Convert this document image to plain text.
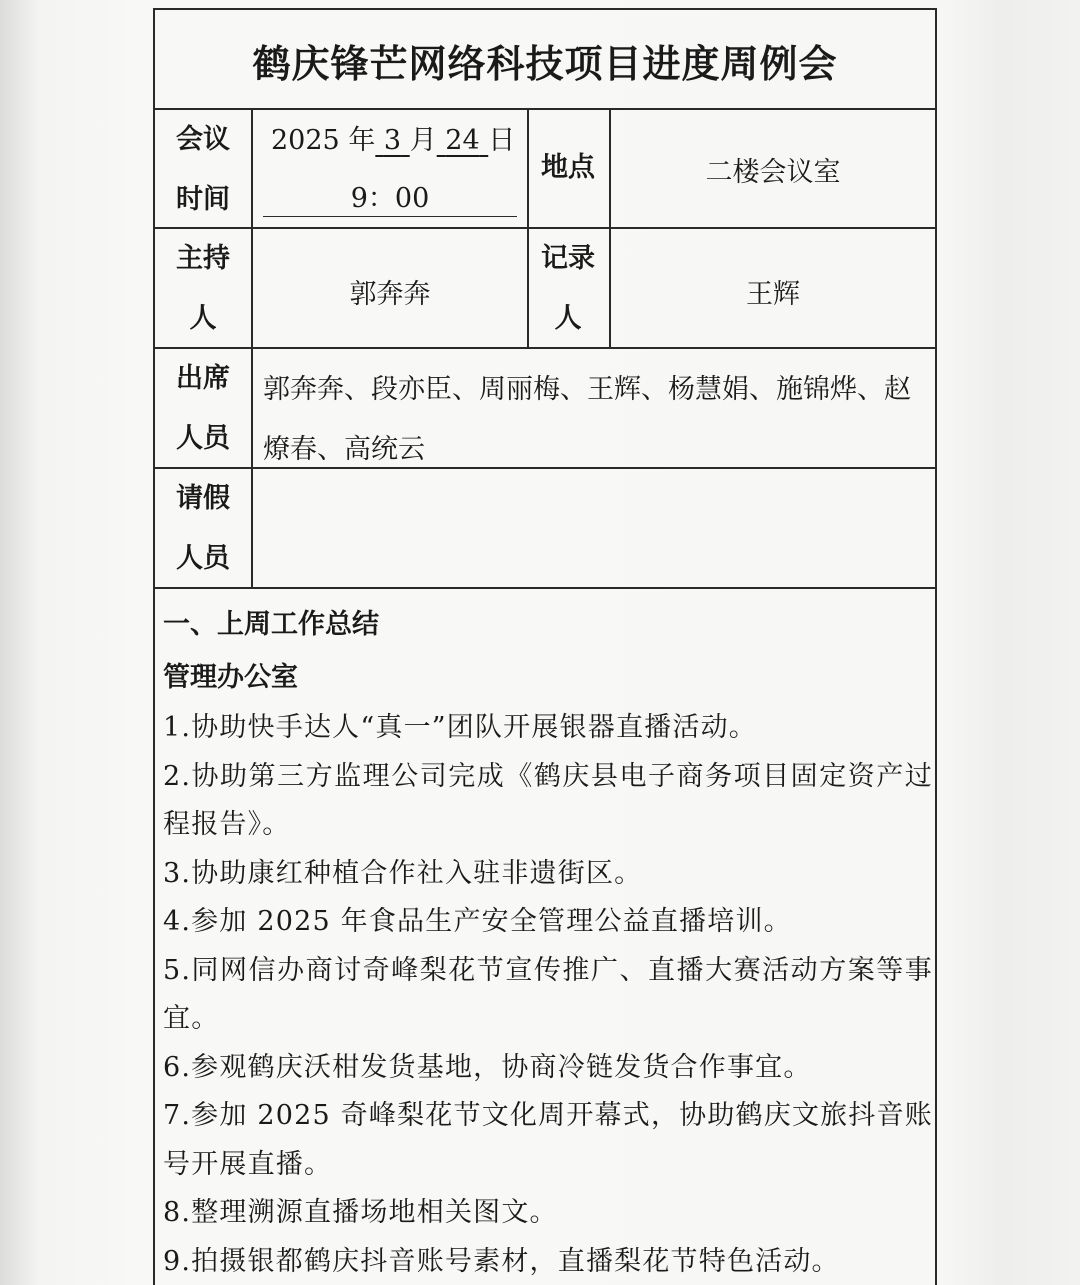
鹤庆锋芒网络科技项目进度周例会
会议
时间
2025 年 3 月 24 日
9：00
地点	二楼会议室
主持
人
郭奔奔
记录
人
王辉
出席
人员
郭奔奔、段亦臣、周丽梅、王辉、杨慧娟、施锦烨、赵燎春、高统云
请假
人员
一、上周工作总结
管理办公室
1.协助快手达人“真一”团队开展银器直播活动。
2.协助第三方监理公司完成《鹤庆县电子商务项目固定资产过程报告》。
3.协助康红种植合作社入驻非遗街区。
4.参加 2025 年食品生产安全管理公益直播培训。
5.同网信办商讨奇峰梨花节宣传推广、直播大赛活动方案等事宜。
6.参观鹤庆沃柑发货基地，协商冷链发货合作事宜。
7.参加 2025 奇峰梨花节文化周开幕式，协助鹤庆文旅抖音账号开展直播。
8.整理溯源直播场地相关图文。
9.拍摄银都鹤庆抖音账号素材，直播梨花节特色活动。
